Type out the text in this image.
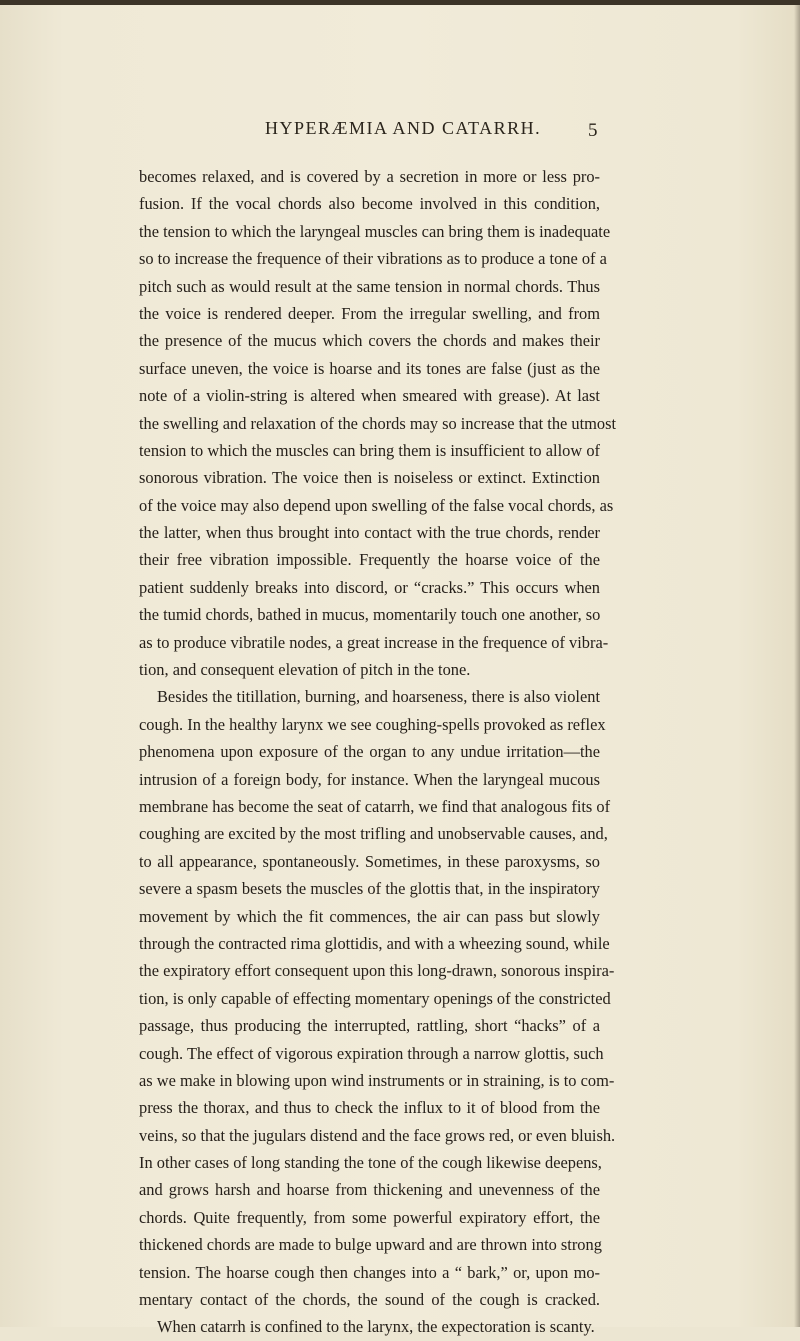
HYPERÆMIA AND CATARRH. 5
becomes relaxed, and is covered by a secretion in more or less pro-
fusion. If the vocal chords also become involved in this condition,
the tension to which the laryngeal muscles can bring them is inadequate
so to increase the frequence of their vibrations as to produce a tone of a
pitch such as would result at the same tension in normal chords. Thus
the voice is rendered deeper. From the irregular swelling, and from
the presence of the mucus which covers the chords and makes their
surface uneven, the voice is hoarse and its tones are false (just as the
note of a violin-string is altered when smeared with grease). At last
the swelling and relaxation of the chords may so increase that the utmost
tension to which the muscles can bring them is insufficient to allow of
sonorous vibration. The voice then is noiseless or extinct. Extinction
of the voice may also depend upon swelling of the false vocal chords, as
the latter, when thus brought into contact with the true chords, render
their free vibration impossible. Frequently the hoarse voice of the
patient suddenly breaks into discord, or “cracks.” This occurs when
the tumid chords, bathed in mucus, momentarily touch one another, so
as to produce vibratile nodes, a great increase in the frequence of vibra-
tion, and consequent elevation of pitch in the tone.
Besides the titillation, burning, and hoarseness, there is also violent
cough. In the healthy larynx we see coughing-spells provoked as reflex
phenomena upon exposure of the organ to any undue irritation—the
intrusion of a foreign body, for instance. When the laryngeal mucous
membrane has become the seat of catarrh, we find that analogous fits of
coughing are excited by the most trifling and unobservable causes, and,
to all appearance, spontaneously. Sometimes, in these paroxysms, so
severe a spasm besets the muscles of the glottis that, in the inspiratory
movement by which the fit commences, the air can pass but slowly
through the contracted rima glottidis, and with a wheezing sound, while
the expiratory effort consequent upon this long-drawn, sonorous inspira-
tion, is only capable of effecting momentary openings of the constricted
passage, thus producing the interrupted, rattling, short “hacks” of a
cough. The effect of vigorous expiration through a narrow glottis, such
as we make in blowing upon wind instruments or in straining, is to com-
press the thorax, and thus to check the influx to it of blood from the
veins, so that the jugulars distend and the face grows red, or even bluish.
In other cases of long standing the tone of the cough likewise deepens,
and grows harsh and hoarse from thickening and unevenness of the
chords. Quite frequently, from some powerful expiratory effort, the
thickened chords are made to bulge upward and are thrown into strong
tension. The hoarse cough then changes into a “ bark,” or, upon mo-
mentary contact of the chords, the sound of the cough is cracked.
When catarrh is confined to the larynx, the expectoration is scanty.
